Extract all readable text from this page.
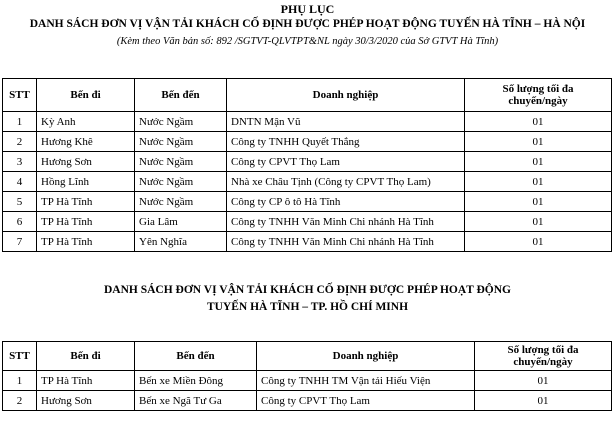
PHỤ LỤC
DANH SÁCH ĐƠN VỊ VẬN TẢI KHÁCH CỐ ĐỊNH ĐƯỢC PHÉP HOẠT ĐỘNG TUYẾN HÀ TĨNH – HÀ NỘI
(Kèm theo Văn bản số: 892 /SGTVT-QLVTPT&NL ngày 30/3/2020 của Sở GTVT Hà Tĩnh)
STT	Bến đi	Bến đến	Doanh nghiệp	Số lượng tối đa
chuyến/ngày
1	Kỳ Anh	Nước Ngầm	DNTN Mận Vũ	01
2	Hương Khê	Nước Ngầm	Công ty TNHH Quyết Thắng	01
3	Hương Sơn	Nước Ngầm	Công ty CPVT Thọ Lam	01
4	Hồng Lĩnh	Nước Ngầm	Nhà xe Châu Tịnh (Công ty CPVT Thọ Lam)	01
5	TP Hà Tĩnh	Nước Ngầm	Công ty CP ô tô Hà Tĩnh	01
6	TP Hà Tĩnh	Gia Lâm	Công ty TNHH Văn Minh Chi nhánh Hà Tĩnh	01
7	TP Hà Tĩnh	Yên Nghĩa	Công ty TNHH Văn Minh Chi nhánh Hà Tĩnh	01
DANH SÁCH ĐƠN VỊ VẬN TẢI KHÁCH CỐ ĐỊNH ĐƯỢC PHÉP HOẠT ĐỘNG
TUYẾN HÀ TĨNH – TP. HỒ CHÍ MINH
STT	Bến đi	Bến đến	Doanh nghiệp	Số lượng tối đa
chuyến/ngày
1	TP Hà Tĩnh	Bến xe Miền Đông	Công ty TNHH TM Vận tải Hiếu Viện	01
2	Hương Sơn	Bến xe Ngã Tư Ga	Công ty CPVT Thọ Lam	01
